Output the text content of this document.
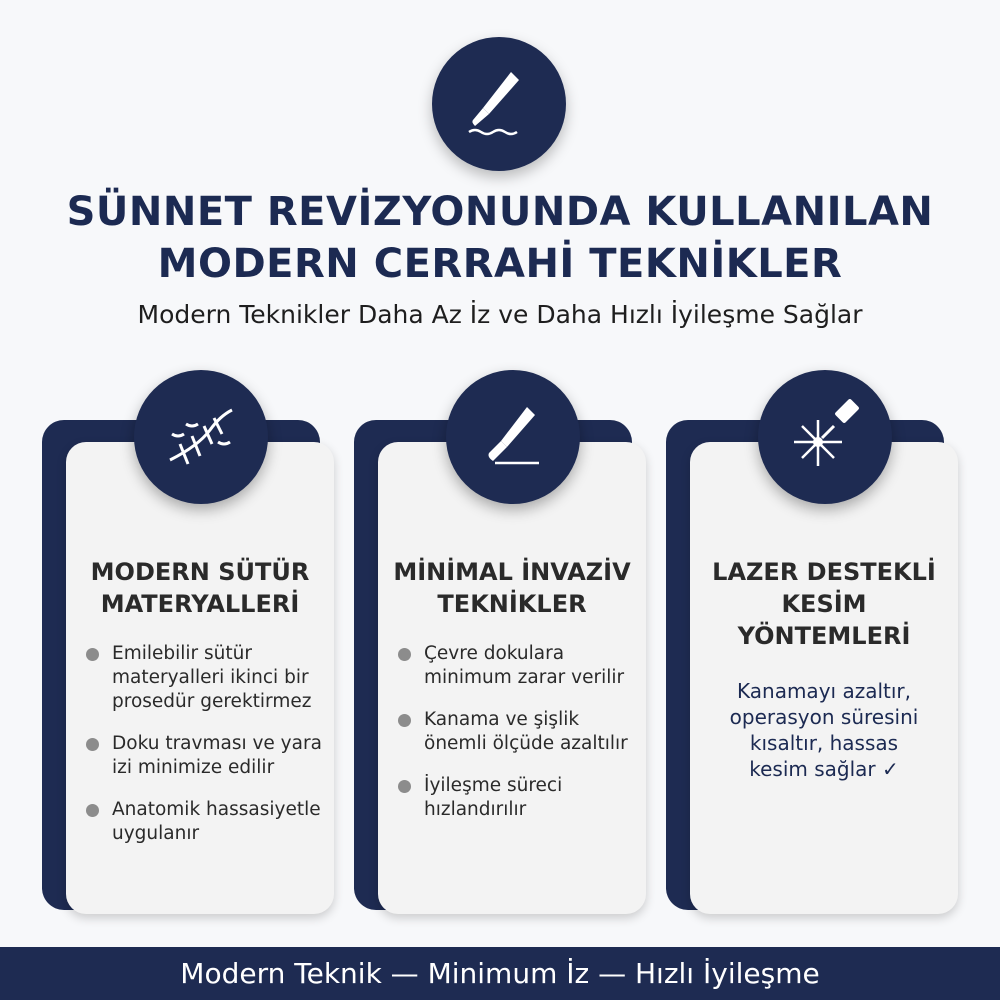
SÜNNET REVİZYONUNDA KULLANILAN
MODERN CERRAHİ TEKNİKLER
Modern Teknikler Daha Az İz ve Daha Hızlı İyileşme Sağlar
MODERN SÜTÜR
MATERYALLERİ
Emilebilir sütür materyalleri ikinci bir prosedür gerektirmez
Doku travması ve yara izi minimize edilir
Anatomik hassasiyetle uygulanır
MİNİMAL İNVAZİV
TEKNİKLER
Çevre dokulara minimum zarar verilir
Kanama ve şişlik önemli ölçüde azaltılır
İyileşme süreci hızlandırılır
LAZER DESTEKLİ
KESİM
YÖNTEMLERİ
Kanamayı azaltır, operasyon süresini kısaltır, hassas kesim sağlar ✓
Modern Teknik — Minimum İz — Hızlı İyileşme
